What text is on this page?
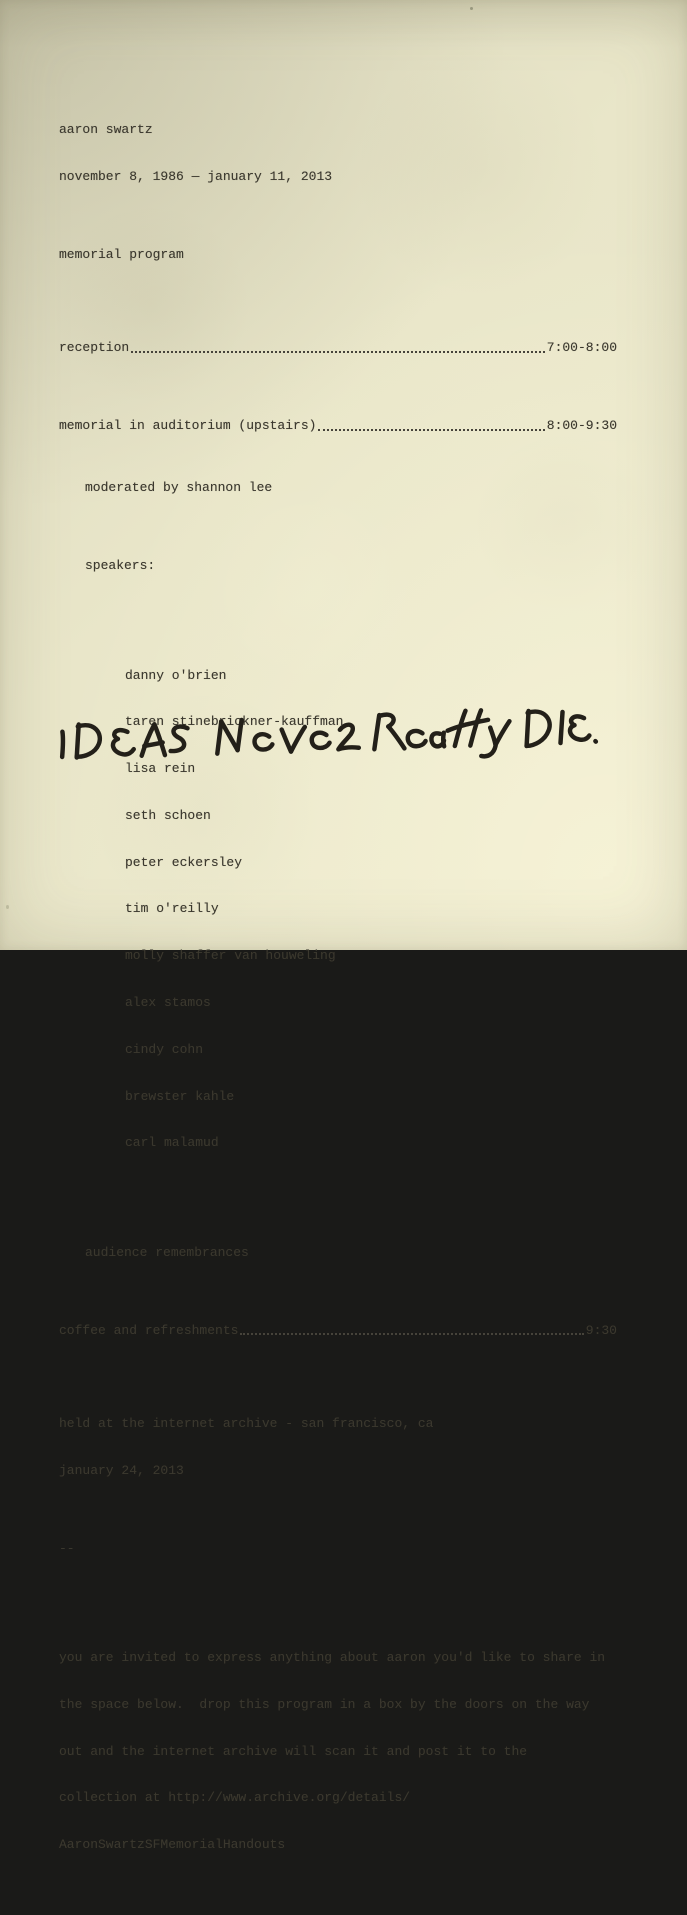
aaron swartz

november 8, 1986 — january 11, 2013

memorial program

reception	7:00-8:00

memorial in auditorium (upstairs)	8:00-9:30

moderated by shannon lee

speakers:

danny o'brien

taren stinebrickner-kauffman

lisa rein

seth schoen

peter eckersley

tim o'reilly

molly shaffer van houweling

alex stamos

cindy cohn

brewster kahle

carl malamud

audience remembrances

coffee and refreshments	9:30

held at the internet archive - san francisco, ca

january 24, 2013

--

you are invited to express anything about aaron you'd like to share in

the space below.  drop this program in a box by the doors on the way

out and the internet archive will scan it and post it to the

collection at http://www.archive.org/details/

AaronSwartzSFMemorialHandouts
